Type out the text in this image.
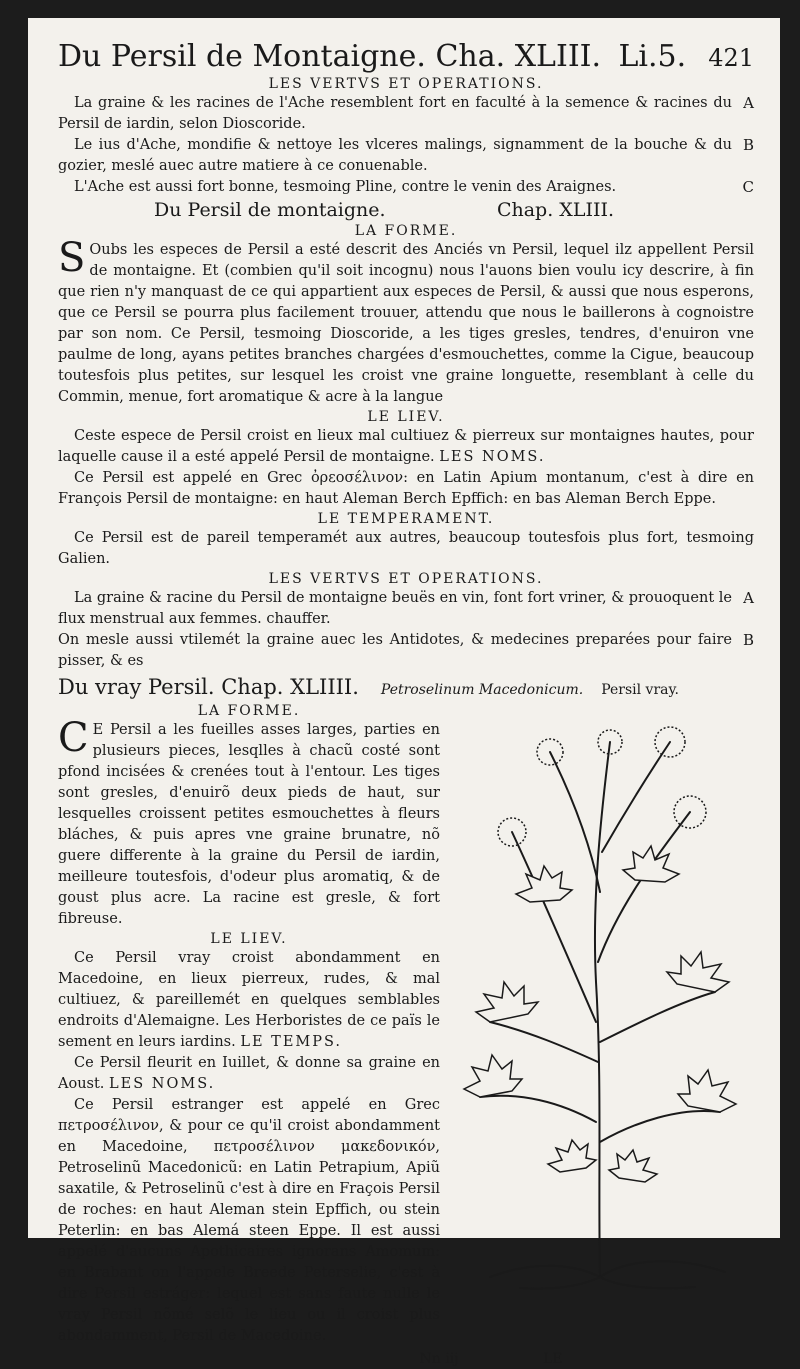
Du Persil de Montaigne. Cha. XLIII. Li.5. 421
LES VERTVS ET OPERATIONS.

La graine & les racines de l'Ache resemblent fort en faculté à la semence & racines du Persil de iardin, selon Dioscoride.

A

Le ius d'Ache, mondifie & nettoye les vlceres malings, signamment de la bouche & du gozier, meslé auec autre matiere à ce conuenable.

B

L'Ache est aussi fort bonne, tesmoing Pline, contre le venin des Araignes.	C
Du Persil de montaigne.	Chap. XLIII.
LA FORME.

S Oubs les especes de Persil a esté descrit des Anciés vn Persil, lequel ilz appellent Persil de montaigne. Et (combien qu'il soit incognu) nous l'auons bien voulu icy descrire, à fin que rien n'y manquast de ce qui appartient aux especes de Persil, & aussi que nous esperons, que ce Persil se pourra plus facilement trouuer, attendu que nous le baillerons à cognoistre par son nom. Ce Persil, tesmoing Dioscoride, a les tiges gresles, tendres, d'enuiron vne paulme de long, ayans petites branches chargées d'esmouchettes, comme la Cigue, beaucoup toutesfois plus petites, sur lesquel les croist vne graine longuette, resemblant à celle du Commin, menue, fort aromatique & acre à la langue

LE LIEV.

Ceste espece de Persil croist en lieux mal cultiuez & pierreux sur montaignes hautes, pour laquelle cause il a esté appelé Persil de montaigne. LES NOMS.

Ce Persil est appelé en Grec ὀρεοσέλινον: en Latin Apium montanum, c'est à dire en François Persil de montaigne: en haut Aleman Berch Epffich: en bas Aleman Berch Eppe.

LE TEMPERAMENT.

Ce Persil est de pareil temperamét aux autres, beaucoup toutesfois plus fort, tesmoing Galien.

LES VERTVS ET OPERATIONS.

La graine & racine du Persil de montaigne beuës en vin, font fort vriner, & prouoquent le flux menstrual aux femmes. chauffer.

A

On mesle aussi vtilemét la graine auec les Antidotes, & medecines preparées pour faire pisser, & es

B
Du vray Persil. Chap. XLIIII. Petroselinum Macedonicum. Persil vray.
LA FORME.

C E Persil a les fueilles asses larges, parties en plusieurs pieces, lesqlles à chacũ costé sont pfond incisées & crenées tout à l'entour. Les tiges sont gresles, d'enuirõ deux pieds de haut, sur lesquelles croissent petites esmouchettes à fleurs bláches, & puis apres vne graine brunatre, nõ guere differente à la graine du Persil de iardin, meilleure toutesfois, d'odeur plus aromatiq, & de goust plus acre. La racine est gresle, & fort fibreuse.

LE LIEV.

Ce Persil vray croist abondamment en Macedoine, en lieux pierreux, rudes, & mal cultiuez, & pareillemét en quelques semblables endroits d'Alemaigne. Les Herboristes de ce païs le sement en leurs iardins. LE TEMPS.

Ce Persil fleurit en Iuillet, & donne sa graine en Aoust. LES NOMS.

Ce Persil estranger est appelé en Grec πετροσέλινον, & pour ce qu'il croist abondamment en Macedoine, πετροσέλινον μακεδονικόν, Petroselinũ Macedonicũ: en Latin Petrapium, Apiũ saxatile, & Petroselinũ c'est à dire en Fraçois Persil de roches: en haut Aleman stein Epffich, ou stein Peterlin: en bas Alemá steen Eppe. Il est aussi appelé d'aucuns Apothicaires ignorans Amomum: en Brabant on l'appele Breede Peterselie, c'est à dire Persil estráger: lequel est sans faute nulle le vray Persil nõmé selõ le lieu ou il croist plus abondamment, Persil de Macedoine.

Nn iij	LE
